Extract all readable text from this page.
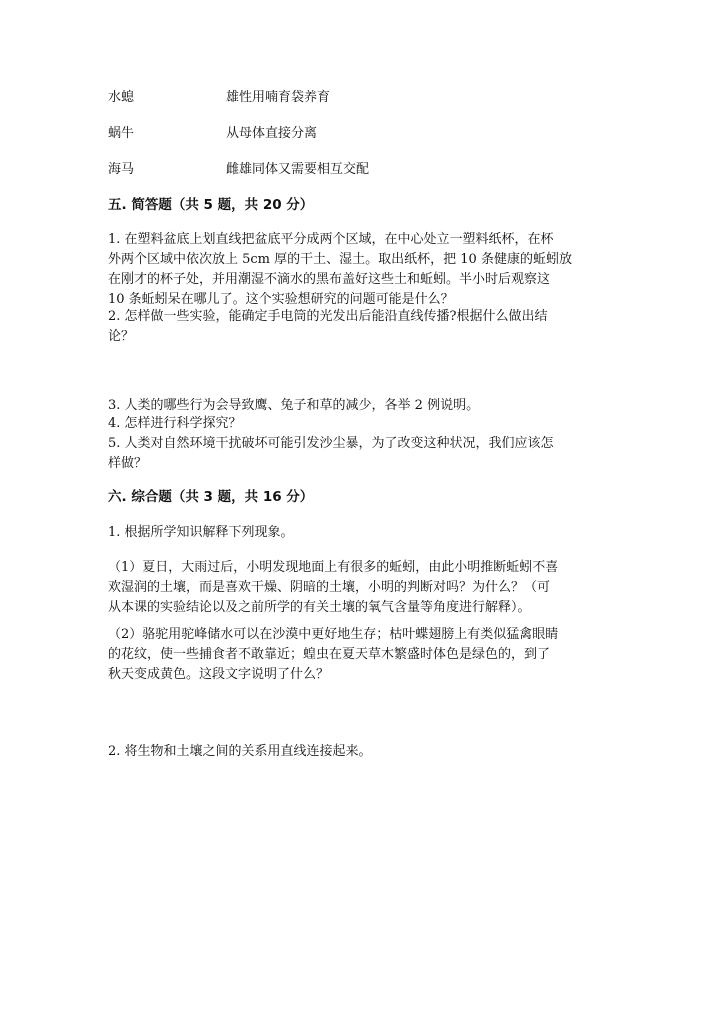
水螅	雄性用喃育袋养育
蜗牛	从母体直接分离
海马	雌雄同体又需要相互交配
五. 简答题（共 5 题，共 20 分）
1. 在塑料盆底上划直线把盆底平分成两个区域，在中心处立一塑料纸杯，在杯
外两个区域中依次放上 5cm 厚的干土、湿土。取出纸杯，把 10 条健康的蚯蚓放
在刚才的杯子处，并用潮湿不滴水的黑布盖好这些土和蚯蚓。半小时后观察这
10 条蚯蚓呆在哪儿了。这个实验想研究的问题可能是什么？
2. 怎样做一些实验，能确定手电筒的光发出后能沿直线传播?根据什么做出结
论？
3. 人类的哪些行为会导致鹰、兔子和草的减少，各举 2 例说明。
4. 怎样进行科学探究？
5. 人类对自然环境干扰破坏可能引发沙尘暴，为了改变这种状况，我们应该怎
样做？
六. 综合题（共 3 题，共 16 分）
1. 根据所学知识解释下列现象。
（1）夏日，大雨过后，小明发现地面上有很多的蚯蚓，由此小明推断蚯蚓不喜
欢湿润的土壤，而是喜欢干燥、阴暗的土壤，小明的判断对吗？为什么？（可
从本课的实验结论以及之前所学的有关土壤的氧气含量等角度进行解释）。
（2）骆驼用驼峰储水可以在沙漠中更好地生存；枯叶蝶翅膀上有类似猛禽眼睛
的花纹，使一些捕食者不敢靠近；蝗虫在夏天草木繁盛时体色是绿色的，到了
秋天变成黄色。这段文字说明了什么？
2. 将生物和土壤之间的关系用直线连接起来。
